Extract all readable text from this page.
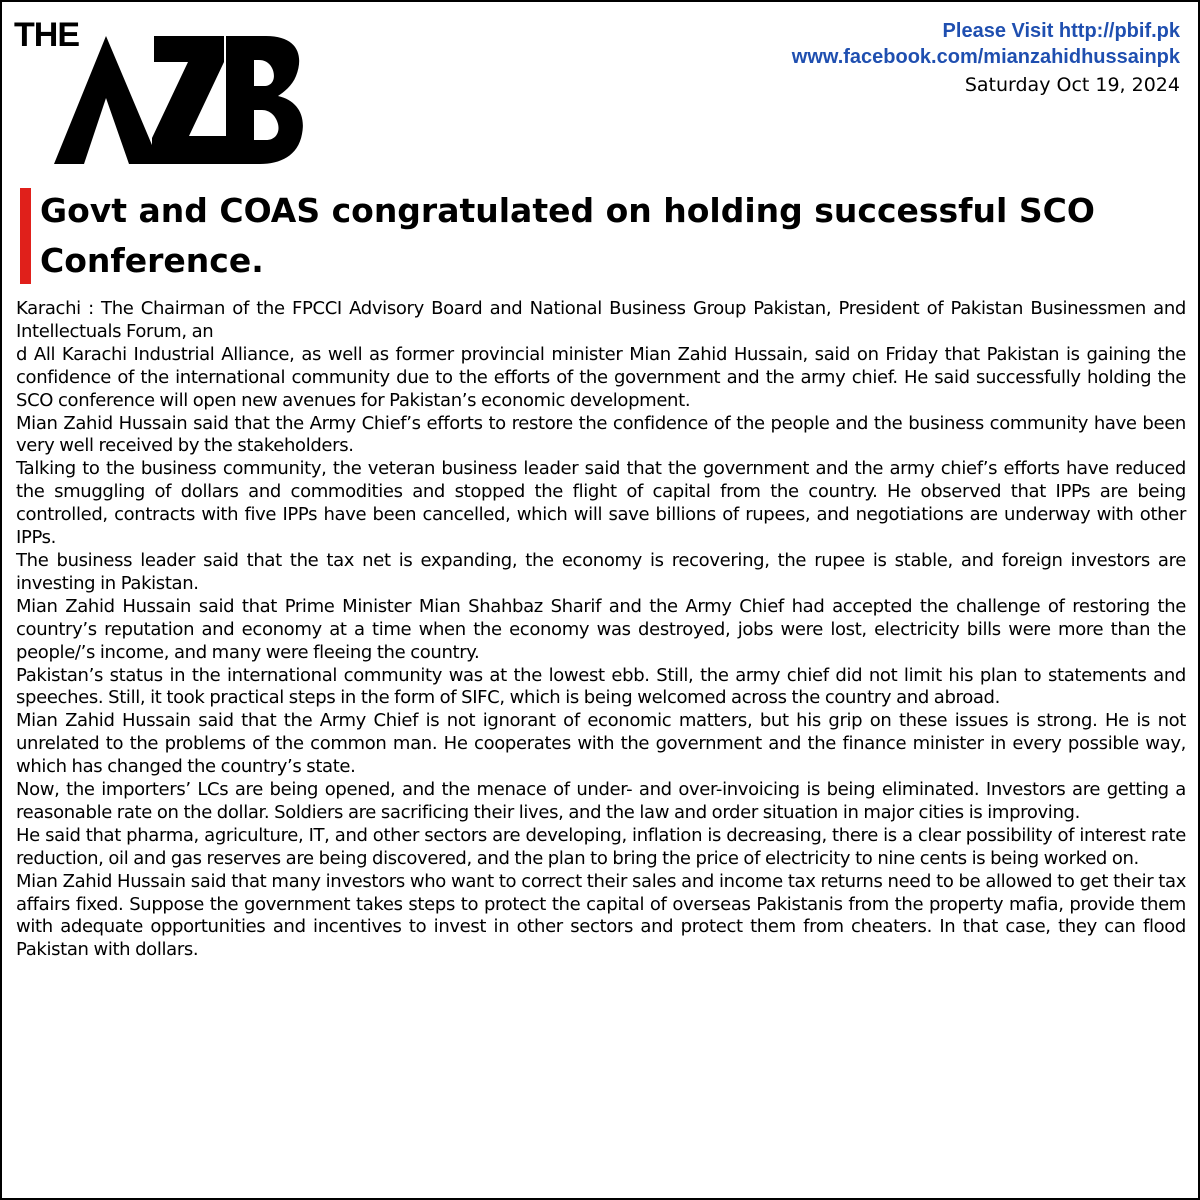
THE	Please Visit http://pbif.pk
www.facebook.com/mianzahidhussainpk
Saturday Oct 19, 2024
Govt and COAS congratulated on holding successful SCO Conference.

Karachi : The Chairman of the FPCCI Advisory Board and National Business Group Pakistan, President of Pakistan Businessmen and Intellectuals Forum, an

d All Karachi Industrial Alliance, as well as former provincial minister Mian Zahid Hussain, said on Friday that Pakistan is gaining the confidence of the international community due to the efforts of the government and the army chief. He said successfully holding the SCO conference will open new avenues for Pakistan’s economic development.

Mian Zahid Hussain said that the Army Chief’s efforts to restore the confidence of the people and the business community have been very well received by the stakeholders.

Talking to the business community, the veteran business leader said that the government and the army chief’s efforts have reduced the smuggling of dollars and commodities and stopped the flight of capital from the country. He observed that IPPs are being controlled, contracts with five IPPs have been cancelled, which will save billions of rupees, and negotiations are underway with other IPPs.

The business leader said that the tax net is expanding, the economy is recovering, the rupee is stable, and foreign investors are investing in Pakistan.

Mian Zahid Hussain said that Prime Minister Mian Shahbaz Sharif and the Army Chief had accepted the challenge of restoring the country’s reputation and economy at a time when the economy was destroyed, jobs were lost, electricity bills were more than the people/’s income, and many were fleeing the country.

Pakistan’s status in the international community was at the lowest ebb. Still, the army chief did not limit his plan to statements and speeches. Still, it took practical steps in the form of SIFC, which is being welcomed across the country and abroad.

Mian Zahid Hussain said that the Army Chief is not ignorant of economic matters, but his grip on these issues is strong. He is not unrelated to the problems of the common man. He cooperates with the government and the finance minister in every possible way, which has changed the country’s state.

Now, the importers’ LCs are being opened, and the menace of under- and over-invoicing is being eliminated. Investors are getting a reasonable rate on the dollar. Soldiers are sacrificing their lives, and the law and order situation in major cities is improving.

He said that pharma, agriculture, IT, and other sectors are developing, inflation is decreasing, there is a clear possibility of interest rate reduction, oil and gas reserves are being discovered, and the plan to bring the price of electricity to nine cents is being worked on.

Mian Zahid Hussain said that many investors who want to correct their sales and income tax returns need to be allowed to get their tax affairs fixed. Suppose the government takes steps to protect the capital of overseas Pakistanis from the property mafia, provide them with adequate opportunities and incentives to invest in other sectors and protect them from cheaters. In that case, they can flood Pakistan with dollars.
